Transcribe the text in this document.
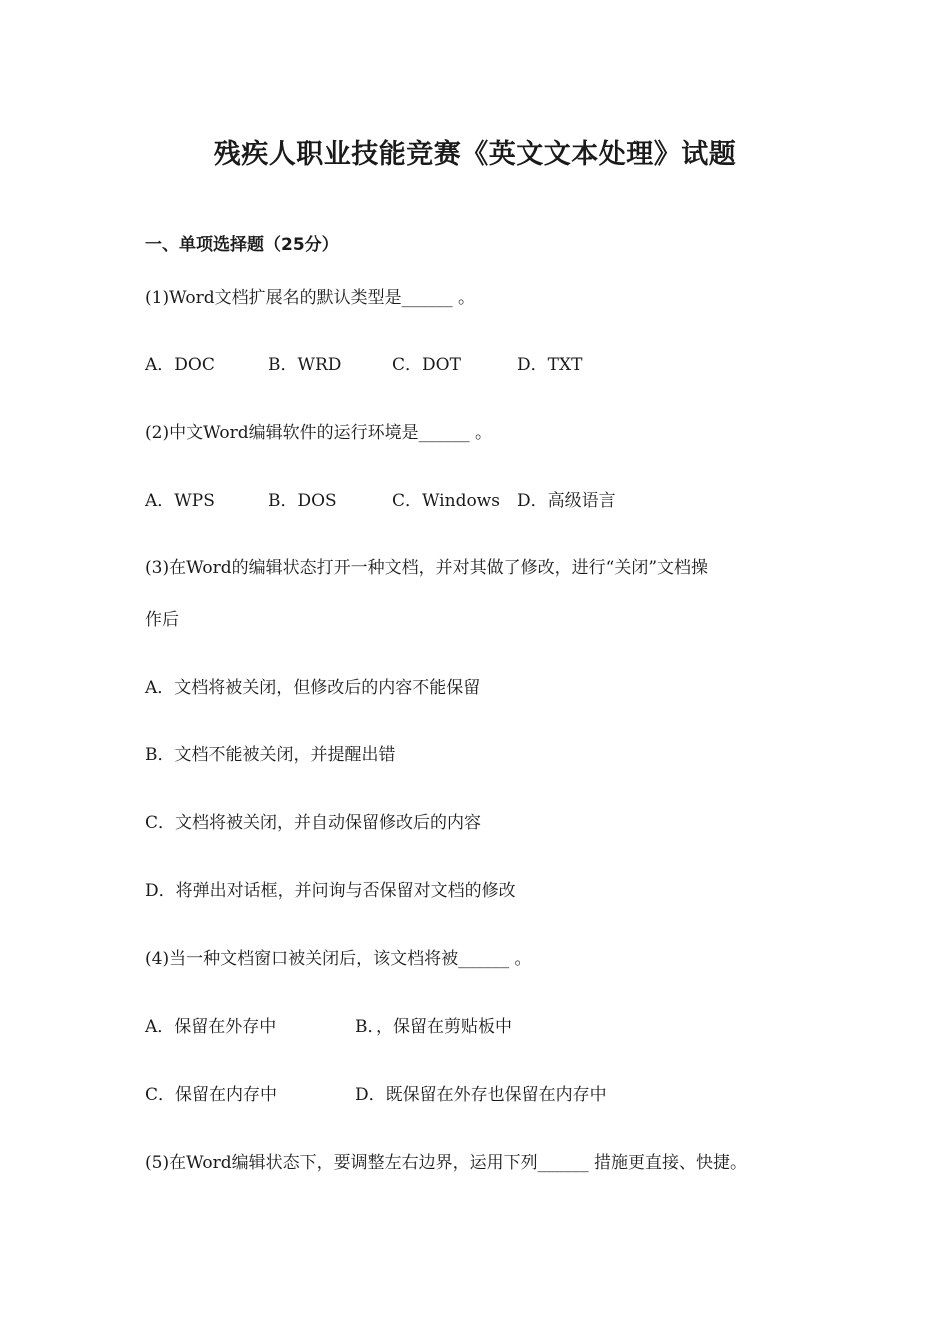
残疾人职业技能竞赛《英文文本处理》试题
一、单项选择题（25分）
(1)Word文档扩展名的默认类型是______ 。
A．DOC	B．WRD	C．DOT	D．TXT
(2)中文Word编辑软件的运行环境是______ 。
A．WPS	B．DOS	C．Windows D．高级语言
(3)在Word的编辑状态打开一种文档，并对其做了修改，进行“关闭”文档操
作后
A．文档将被关闭，但修改后的内容不能保留
B．文档不能被关闭，并提醒出错
C．文档将被关闭，并自动保留修改后的内容
D．将弹出对话框，并问询与否保留对文档的修改
(4)当一种文档窗口被关闭后，该文档将被______ 。
A．保留在外存中	B．，保留在剪贴板中
C．保留在内存中	D．既保留在外存也保留在内存中
(5)在Word编辑状态下，要调整左右边界，运用下列______ 措施更直接、快捷。
